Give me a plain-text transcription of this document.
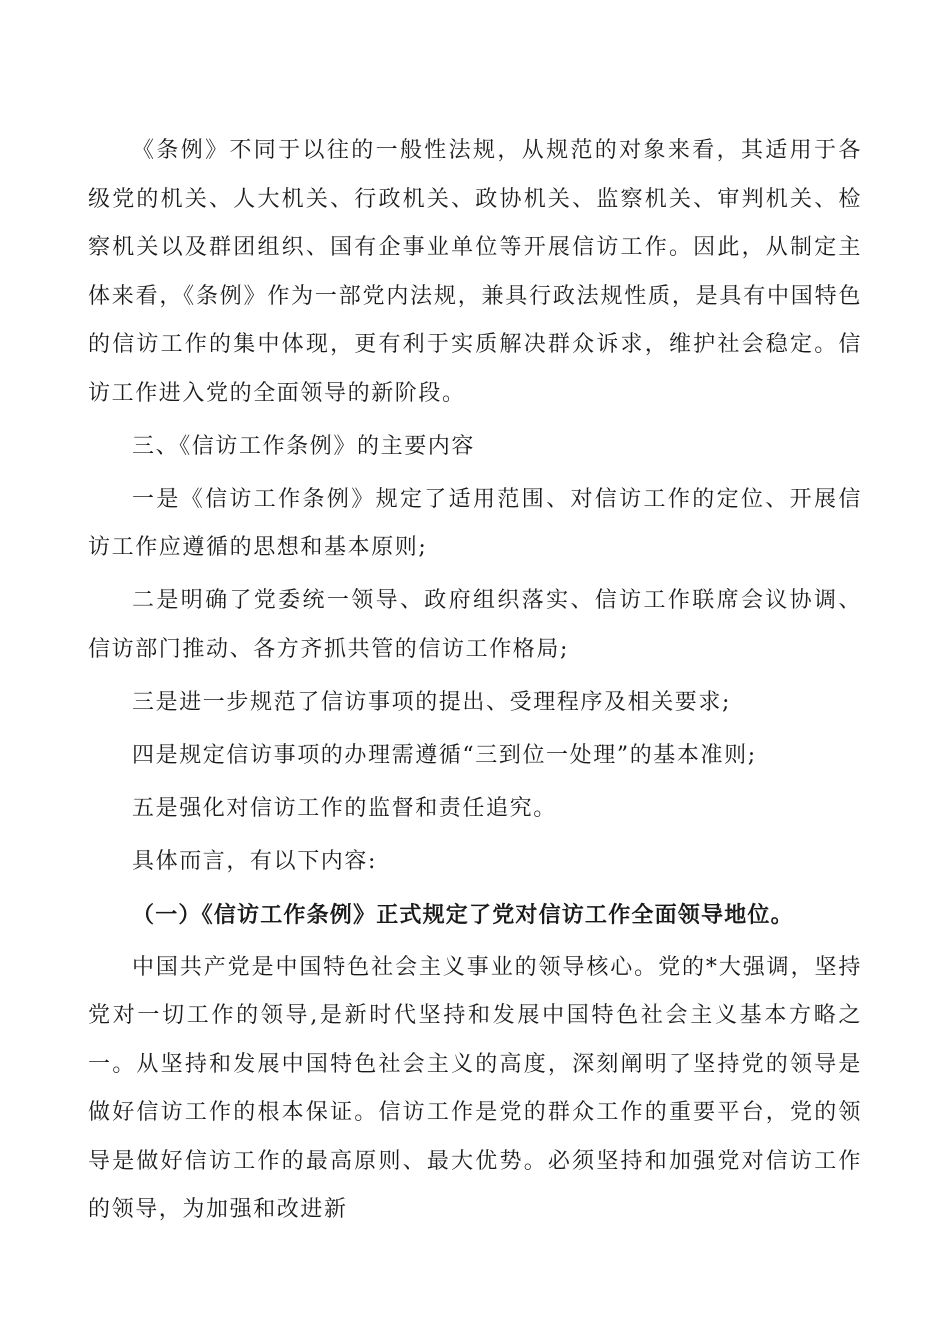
《条例》不同于以往的一般性法规，从规范的对象来看，其适用于各级党的机关、人大机关、行政机关、政协机关、监察机关、审判机关、检察机关以及群团组织、国有企事业单位等开展信访工作。因此，从制定主体来看，《条例》作为一部党内法规，兼具行政法规性质，是具有中国特色的信访工作的集中体现，更有利于实质解决群众诉求，维护社会稳定。信访工作进入党的全面领导的新阶段。

三、《信访工作条例》的主要内容

一是《信访工作条例》规定了适用范围、对信访工作的定位、开展信访工作应遵循的思想和基本原则;

二是明确了党委统一领导、政府组织落实、信访工作联席会议协调、信访部门推动、各方齐抓共管的信访工作格局;

三是进一步规范了信访事项的提出、受理程序及相关要求;

四是规定信访事项的办理需遵循“三到位一处理”的基本准则;

五是强化对信访工作的监督和责任追究。

具体而言，有以下内容:

（一）《信访工作条例》正式规定了党对信访工作全面领导地位。

中国共产党是中国特色社会主义事业的领导核心。党的*大强调，坚持党对一切工作的领导,是新时代坚持和发展中国特色社会主义基本方略之一。从坚持和发展中国特色社会主义的高度，深刻阐明了坚持党的领导是做好信访工作的根本保证。信访工作是党的群众工作的重要平台，党的领导是做好信访工作的最高原则、最大优势。必须坚持和加强党对信访工作的领导，为加强和改进新
